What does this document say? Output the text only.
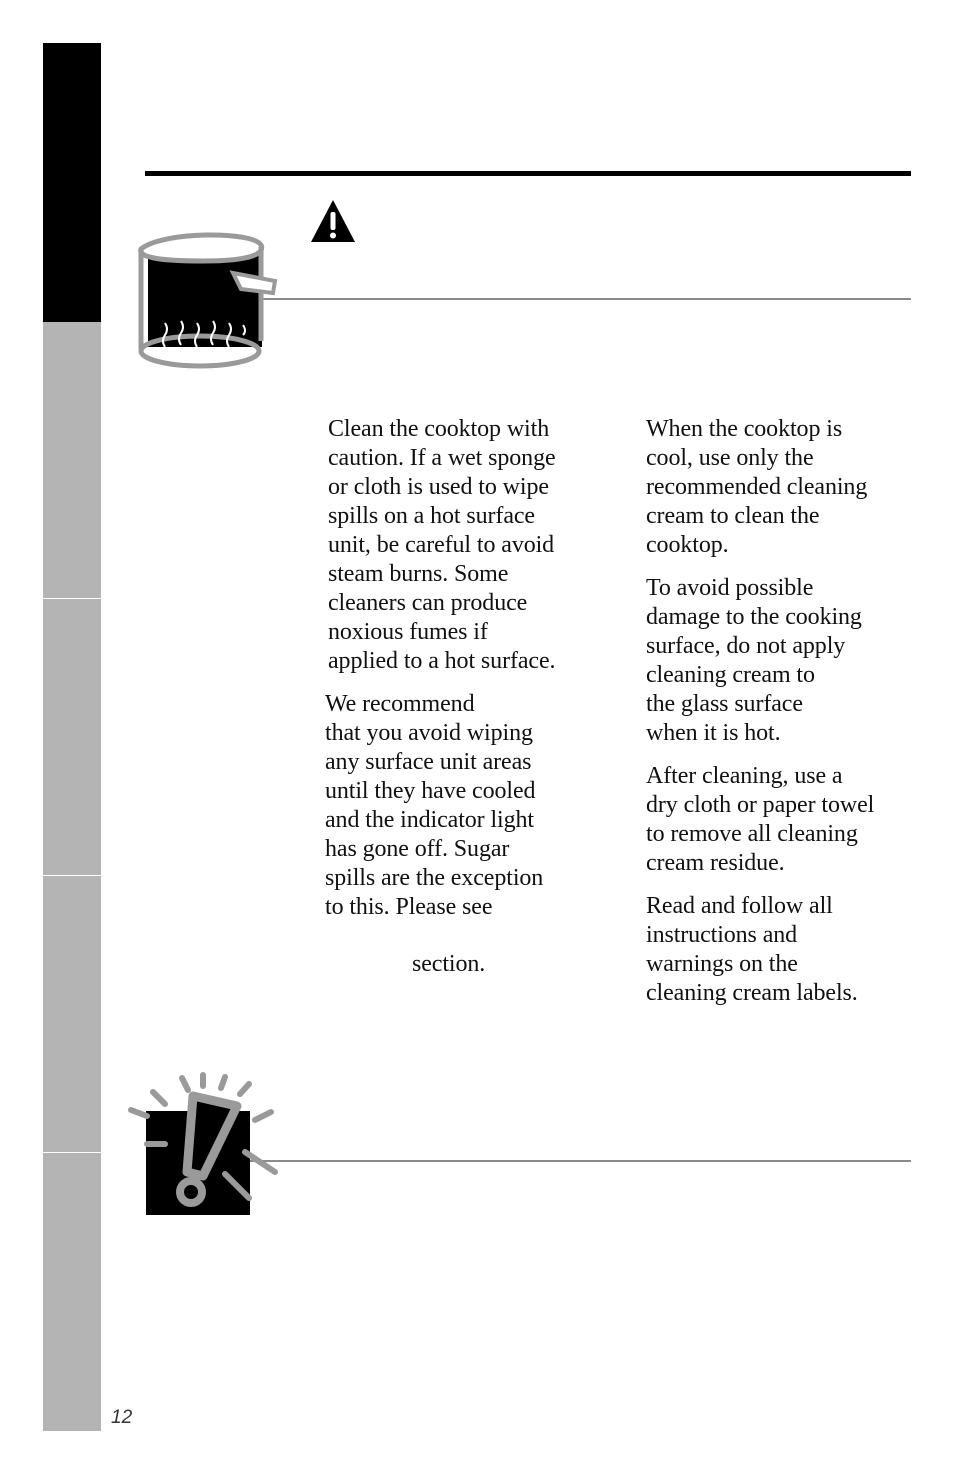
Clean the cooktop with
caution. If a wet sponge
or cloth is used to wipe
spills on a hot surface
unit, be careful to avoid
steam burns. Some
cleaners can produce
noxious fumes if
applied to a hot surface.

We recommend
that you avoid wiping
any surface unit areas
until they have cooled
and the indicator light
has gone off. Sugar
spills are the exception
to this. Please see

section.

When the cooktop is
cool, use only the
recommended cleaning
cream to clean the
cooktop.

To avoid possible
damage to the cooking
surface, do not apply
cleaning cream to
the glass surface
when it is hot.

After cleaning, use a
dry cloth or paper towel
to remove all cleaning
cream residue.

Read and follow all
instructions and
warnings on the
cleaning cream labels.

12
